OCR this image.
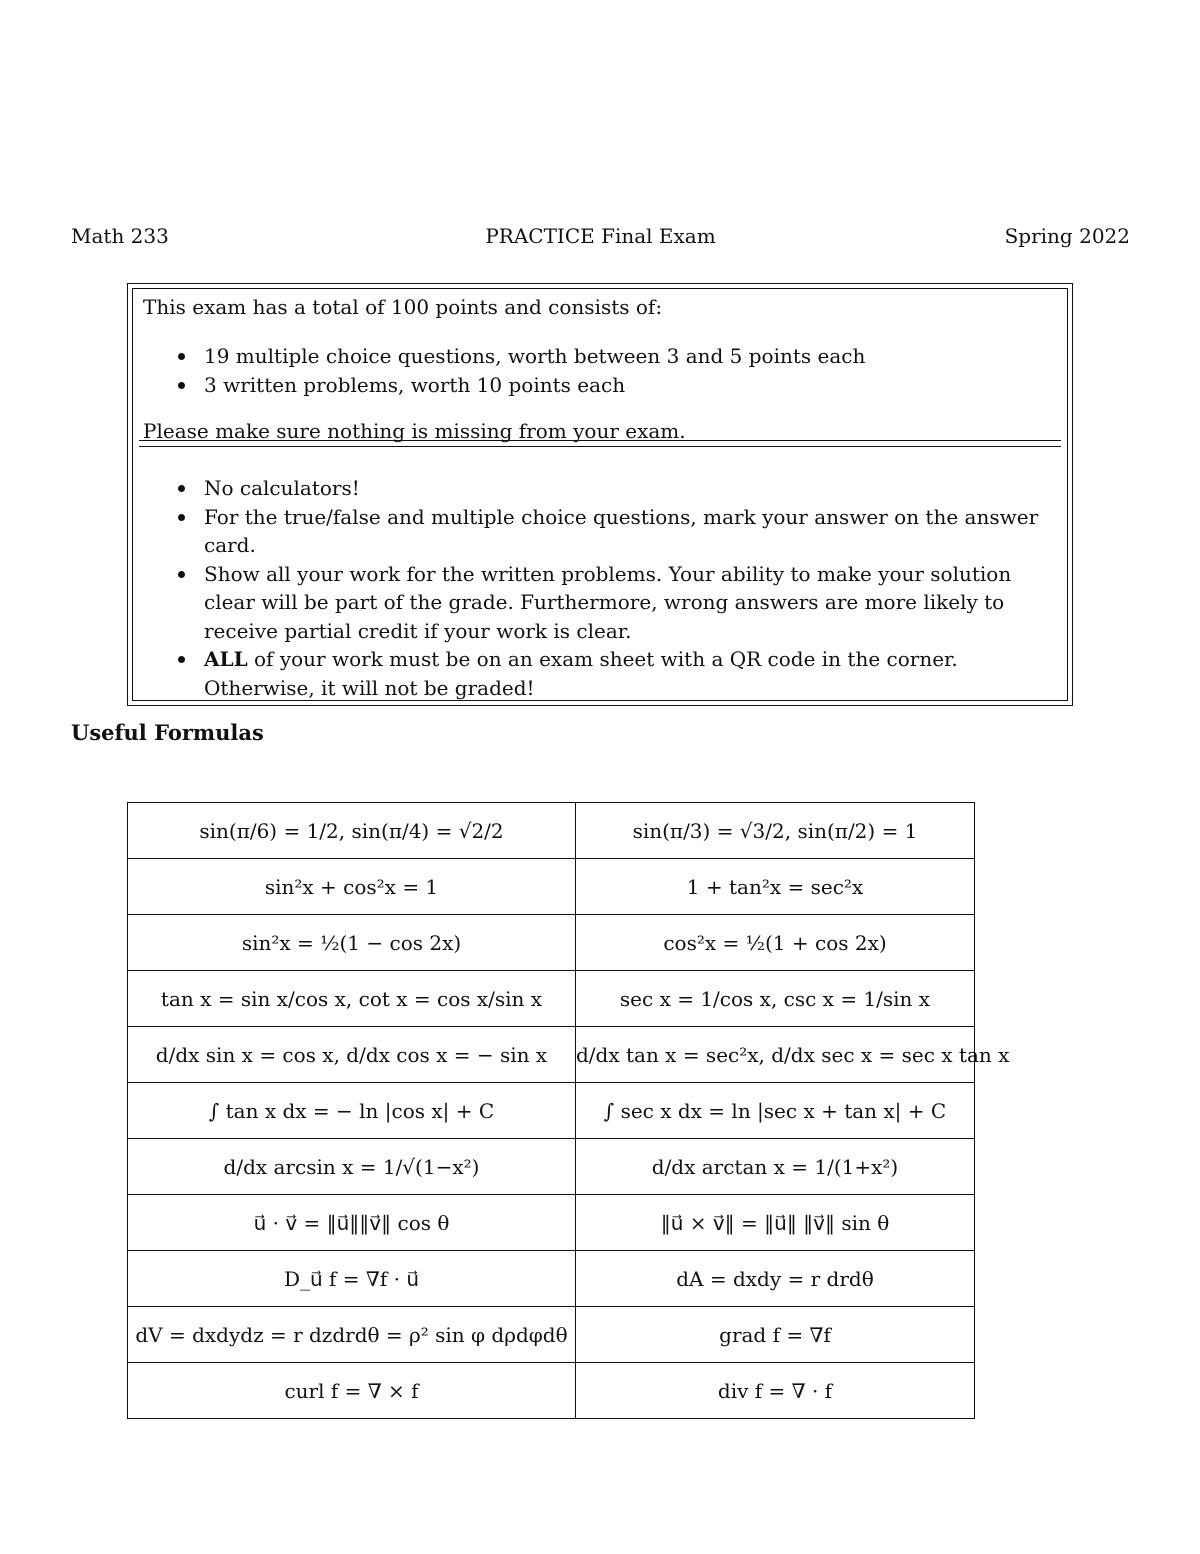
Math 233	PRACTICE Final Exam	Spring 2022
This exam has a total of 100 points and consists of:
19 multiple choice questions, worth between 3 and 5 points each
3 written problems, worth 10 points each
Please make sure nothing is missing from your exam.
No calculators!
For the true/false and multiple choice questions, mark your answer on the answer card.
Show all your work for the written problems. Your ability to make your solution clear will be part of the grade. Furthermore, wrong answers are more likely to receive partial credit if your work is clear.
ALL of your work must be on an exam sheet with a QR code in the corner. Otherwise, it will not be graded!
Useful Formulas
sin(π/6) = 1/2, sin(π/4) = √2/2	sin(π/3) = √3/2, sin(π/2) = 1
sin²x + cos²x = 1	1 + tan²x = sec²x
sin²x = ½(1 − cos 2x)	cos²x = ½(1 + cos 2x)
tan x = sin x/cos x, cot x = cos x/sin x	sec x = 1/cos x, csc x = 1/sin x
d/dx sin x = cos x, d/dx cos x = − sin x	d/dx tan x = sec²x, d/dx sec x = sec x tan x
∫ tan x dx = − ln |cos x| + C	∫ sec x dx = ln |sec x + tan x| + C
d/dx arcsin x = 1/√(1−x²)	d/dx arctan x = 1/(1+x²)
u⃗ · v⃗ = ‖u⃗‖‖v⃗‖ cos θ	‖u⃗ × v⃗‖ = ‖u⃗‖ ‖v⃗‖ sin θ
D_u⃗ f = ∇f · u⃗	dA = dxdy = r drdθ
dV = dxdydz = r dzdrdθ = ρ² sin φ dρdφdθ	grad f = ∇f
curl f = ∇ × f	div f = ∇ · f
